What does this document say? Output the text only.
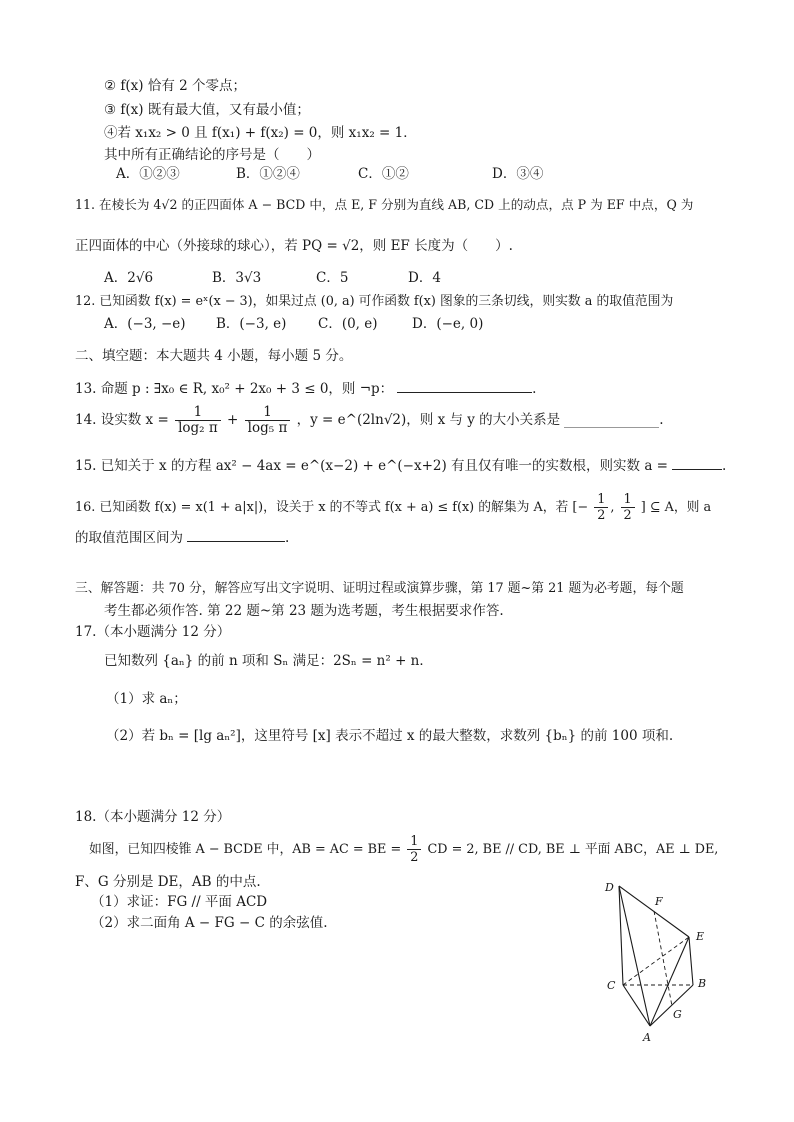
② f(x) 恰有 2 个零点；
③ f(x) 既有最大值，又有最小值；
④若 x₁x₂ > 0 且 f(x₁) + f(x₂) = 0，则 x₁x₂ = 1．
其中所有正确结论的序号是（　　）
A．①②③	B．①②④	C．①②	D．③④
11. 在棱长为 4√2 的正四面体 A − BCD 中，点 E, F 分别为直线 AB, CD 上的动点，点 P 为 EF 中点，Q 为
正四面体的中心（外接球的球心），若 PQ = √2，则 EF 长度为（　　）.
A．2√6	B．3√3	C．5	D．4
12. 已知函数 f(x) = eˣ(x − 3)，如果过点 (0, a) 可作函数 f(x) 图象的三条切线，则实数 a 的取值范围为
A．(−3, −e) B．(−3, e) C．(0, e)	D．(−e, 0)
二、填空题：本大题共 4 小题，每小题 5 分。
13. 命题 p : ∃x₀ ∈ R, x₀² + 2x₀ + 3 ≤ 0，则 ¬p：	.
14. 设实数 $x = \frac{1}{\text{log₂ π}} + \frac{1}{\text{log₅ π}}$ ，y = e^(2ln√2)，则 x 与 y 的大小关系是	.
15. 已知关于 x 的方程 ax² − 4ax = e^(x−2) + e^(−x+2) 有且仅有唯一的实数根，则实数 a =	.
16. 已知函数 f(x) = x(1 + a|x|)，设关于 x 的不等式 f(x + a) ≤ f(x) 的解集为 A，若 [− $\frac{1}{2}$ , $\frac{1}{2}$ ] ⊆ A，则 a
的取值范围区间为	.
三、解答题：共 70 分，解答应写出文字说明、证明过程或演算步骤，第 17 题~第 21 题为必考题，每个题
考生都必须作答. 第 22 题~第 23 题为选考题，考生根据要求作答.
17.（本小题满分 12 分）
已知数列 {aₙ} 的前 n 项和 Sₙ 满足：2Sₙ = n² + n．
（1）求 aₙ；
（2）若 bₙ = [lg aₙ²]，这里符号 [x] 表示不超过 x 的最大整数，求数列 {bₙ} 的前 100 项和.
18.（本小题满分 12 分）
如图，已知四棱锥 A − BCDE 中，AB = AC = BE = $\frac{1}{2}$ CD = 2, BE // CD, BE ⊥ 平面 ABC，AE ⊥ DE,
F、G 分别是 DE，AB 的中点.
（1）求证：FG // 平面 ACD
（2）求二面角 A − FG − C 的余弦值.
D
F
E
C	B
G
A
